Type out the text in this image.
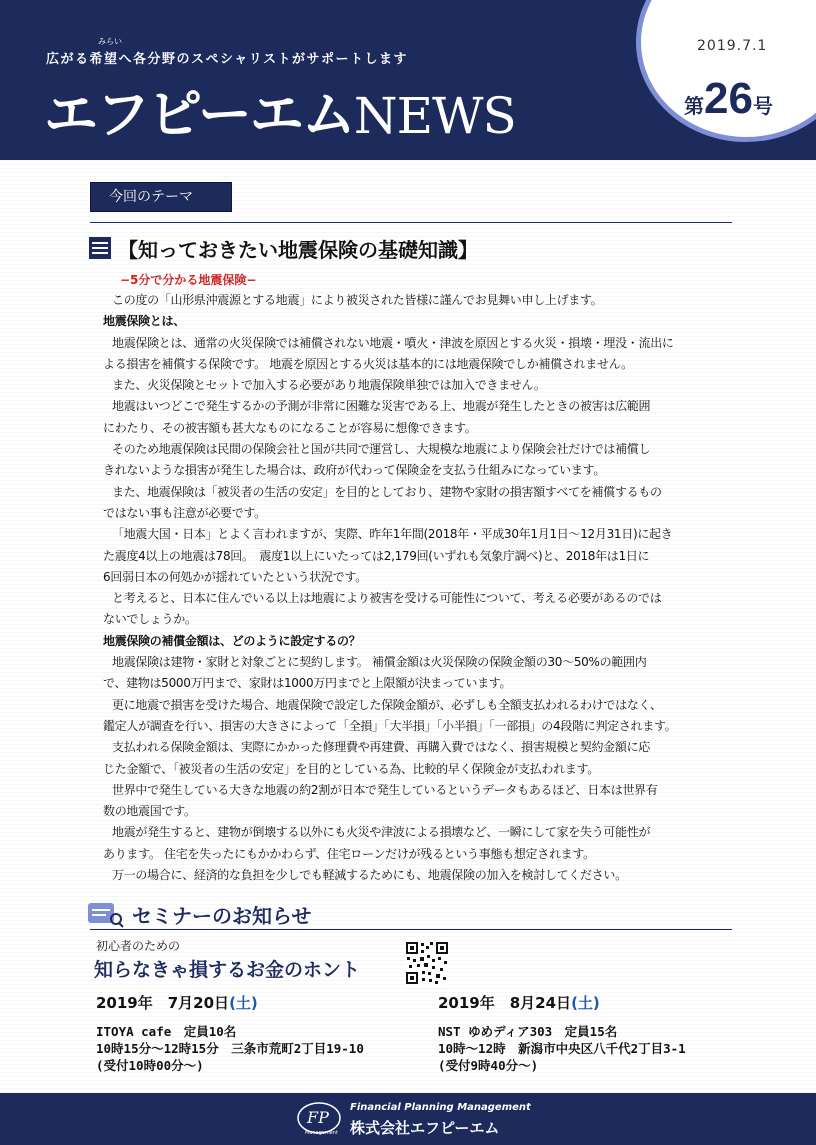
みらい
広がる希望へ各分野のスペシャリストがサポートします
エフピーエムNEWS
2019.7.1
第26号
今回のテーマ
【知っておきたい地震保険の基礎知識】
−5分で分かる地震保険−
この度の「山形県沖震源とする地震」により被災された皆様に謹んでお見舞い申し上げます。
地震保険とは、
地震保険とは、通常の火災保険では補償されない地震・噴火・津波を原因とする火災・損壊・埋没・流出に
よる損害を補償する保険です。 地震を原因とする火災は基本的には地震保険でしか補償されません。
また、火災保険とセットで加入する必要があり地震保険単独では加入できません。
地震はいつどこで発生するかの予測が非常に困難な災害である上、地震が発生したときの被害は広範囲
にわたり、その被害額も甚大なものになることが容易に想像できます。
そのため地震保険は民間の保険会社と国が共同で運営し、大規模な地震により保険会社だけでは補償し
きれないような損害が発生した場合は、政府が代わって保険金を支払う仕組みになっています。
また、地震保険は「被災者の生活の安定」を目的としており、建物や家財の損害額すべてを補償するもの
ではない事も注意が必要です。
「地震大国・日本」とよく言われますが、実際、昨年1年間(2018年・平成30年1月1日〜12月31日)に起き
た震度4以上の地震は78回。　震度1以上にいたっては2,179回(いずれも気象庁調べ)と、2018年は1日に
6回弱日本の何処かが揺れていたという状況です。
と考えると、日本に住んでいる以上は地震により被害を受ける可能性について、考える必要があるのでは
ないでしょうか。
地震保険の補償金額は、どのように設定するの？
地震保険は建物・家財と対象ごとに契約します。 補償金額は火災保険の保険金額の30〜50%の範囲内
で、建物は5000万円まで、家財は1000万円までと上限額が決まっています。
更に地震で損害を受けた場合、地震保険で設定した保険金額が、必ずしも全額支払われるわけではなく、
鑑定人が調査を行い、損害の大きさによって「全損」「大半損」「小半損」「一部損」の4段階に判定されます。
支払われる保険金額は、実際にかかった修理費や再建費、再購入費ではなく、損害規模と契約金額に応
じた金額で、「被災者の生活の安定」を目的としている為、比較的早く保険金が支払われます。
世界中で発生している大きな地震の約2割が日本で発生しているというデータもあるほど、日本は世界有
数の地震国です。
地震が発生すると、建物が倒壊する以外にも火災や津波による損壊など、一瞬にして家を失う可能性が
あります。 住宅を失ったにもかかわらず、住宅ローンだけが残るという事態も想定されます。
万一の場合に、経済的な負担を少しでも軽減するためにも、地震保険の加入を検討してください。
セミナーのお知らせ
初心者のための
知らなきゃ損するお金のホント
2019年　7月20日(土)
ITOYA cafe　定員10名
10時15分〜12時15分　三条市荒町2丁目19-10
(受付10時00分〜)
2019年　8月24日(土)
NST ゆめディア303　定員15名
10時〜12時　新潟市中央区八千代2丁目3-1
(受付9時40分〜)
FP
Management
Financial Planning Management
株式会社エフピーエム
